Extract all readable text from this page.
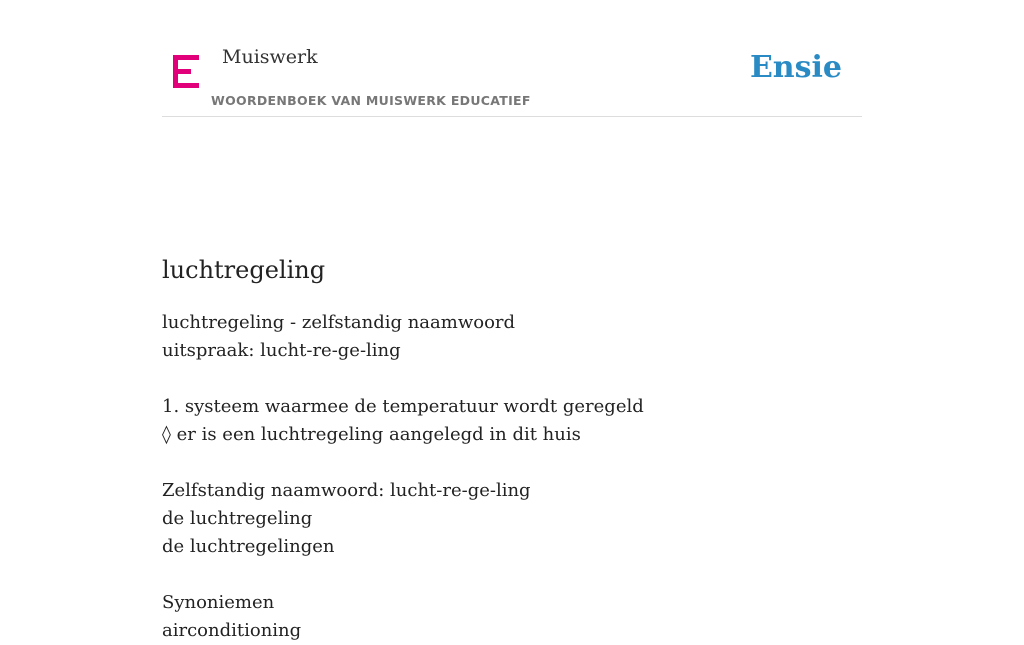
Muiswerk
WOORDENBOEK VAN MUISWERK EDUCATIEF
Ensie
luchtregeling
luchtregeling - zelfstandig naamwoord
uitspraak: lucht-re-ge-ling
1. systeem waarmee de temperatuur wordt geregeld
◊ er is een luchtregeling aangelegd in dit huis
Zelfstandig naamwoord: lucht-re-ge-ling
de luchtregeling
de luchtregelingen
Synoniemen
airconditioning
